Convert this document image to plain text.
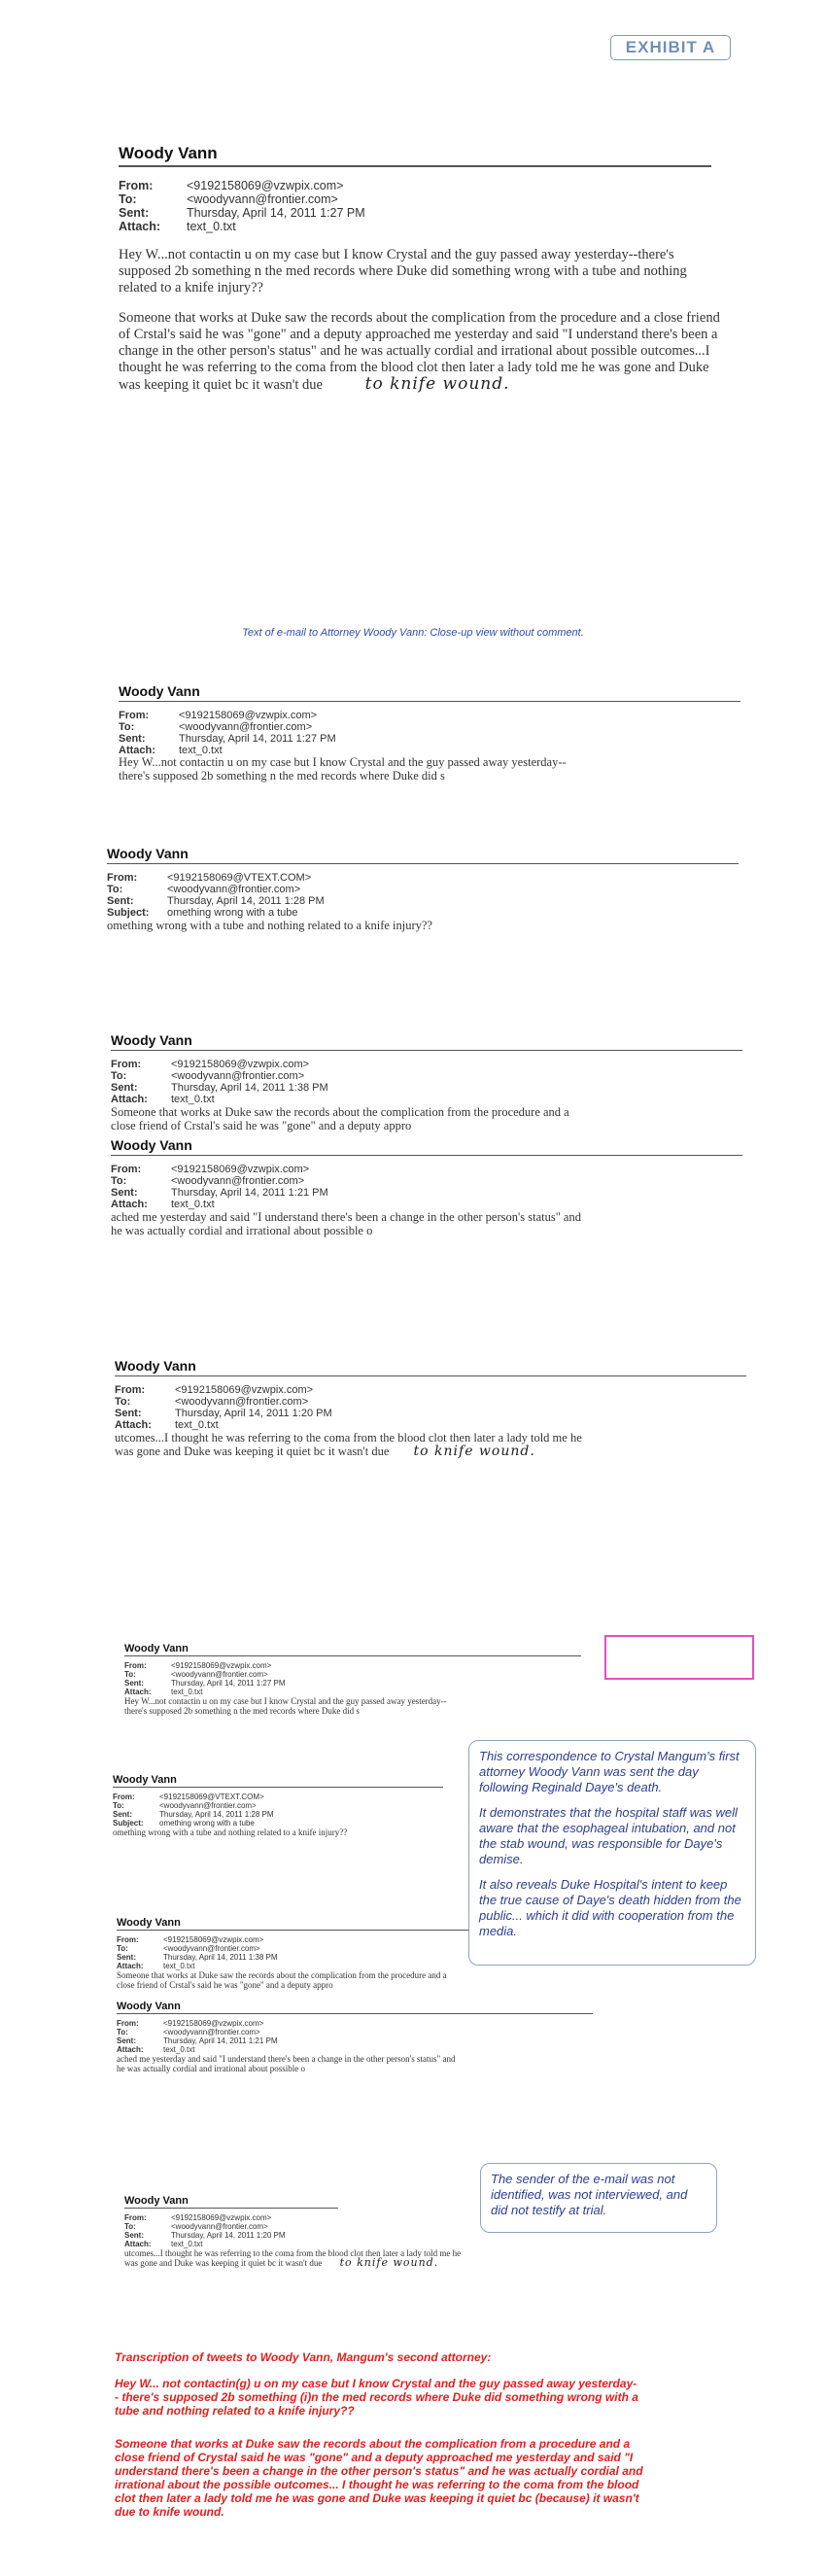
EXHIBIT A
Woody Vann
From:	<9192158069@vzwpix.com>
To:	<woodyvann@frontier.com>
Sent:	Thursday, April 14, 2011 1:27 PM
Attach:	text_0.txt

Hey W...not contactin u on my case but I know Crystal and the guy passed away yesterday--there's supposed 2b something n the med records where Duke did something wrong with a tube and nothing related to a knife injury??

Someone that works at Duke saw the records about the complication from the procedure and a close friend of Crstal's said he was "gone" and a deputy approached me yesterday and said "I understand there's been a change in the other person's status" and he was actually cordial and irrational about possible outcomes...I thought he was referring to the coma from the blood clot then later a lady told me he was gone and Duke was keeping it quiet bc it wasn't due	to knife wound.

Text of e-mail to Attorney Woody Vann: Close-up view without comment.
Woody Vann
From:	<9192158069@vzwpix.com>
To:	<woodyvann@frontier.com>
Sent:	Thursday, April 14, 2011 1:27 PM
Attach:	text_0.txt
Hey W...not contactin u on my case but I know Crystal and the guy passed away yesterday--
there's supposed 2b something n the med records where Duke did s
Woody Vann
From:	<9192158069@VTEXT.COM>
To:	<woodyvann@frontier.com>
Sent:	Thursday, April 14, 2011 1:28 PM
Subject:	omething wrong with a tube
omething wrong with a tube and nothing related to a knife injury??
Woody Vann
From:	<9192158069@vzwpix.com>
To:	<woodyvann@frontier.com>
Sent:	Thursday, April 14, 2011 1:38 PM
Attach:	text_0.txt
Someone that works at Duke saw the records about the complication from the procedure and a
close friend of Crstal's said he was "gone" and a deputy appro
Woody Vann
From:	<9192158069@vzwpix.com>
To:	<woodyvann@frontier.com>
Sent:	Thursday, April 14, 2011 1:21 PM
Attach:	text_0.txt
ached me yesterday and said "I understand there's been a change in the other person's status" and
he was actually cordial and irrational about possible o
Woody Vann
From:	<9192158069@vzwpix.com>
To:	<woodyvann@frontier.com>
Sent:	Thursday, April 14, 2011 1:20 PM
Attach:	text_0.txt
utcomes...I thought he was referring to the coma from the blood clot then later a lady told me he
was gone and Duke was keeping it quiet bc it wasn't due to knife wound.
Woody Vann
From:	<9192158069@vzwpix.com>
To:	<woodyvann@frontier.com>
Sent:	Thursday, April 14, 2011 1:27 PM
Attach:	text_0.txt
Hey W...not contactin u on my case but I know Crystal and the guy passed away yesterday--
there's supposed 2b something n the med records where Duke did s
Woody Vann
From:	<9192158069@VTEXT.COM>
To:	<woodyvann@frontier.com>
Sent:	Thursday, April 14, 2011 1:28 PM
Subject:	omething wrong with a tube
omething wrong with a tube and nothing related to a knife injury??
Woody Vann
From:	<9192158069@vzwpix.com>
To:	<woodyvann@frontier.com>
Sent:	Thursday, April 14, 2011 1:38 PM
Attach:	text_0.txt
Someone that works at Duke saw the records about the complication from the procedure and a
close friend of Crstal's said he was "gone" and a deputy appro
Woody Vann
From:	<9192158069@vzwpix.com>
To:	<woodyvann@frontier.com>
Sent:	Thursday, April 14, 2011 1:21 PM
Attach:	text_0.txt
ached me yesterday and said "I understand there's been a change in the other person's status" and
he was actually cordial and irrational about possible o
Woody Vann
From:	<9192158069@vzwpix.com>
To:	<woodyvann@frontier.com>
Sent:	Thursday, April 14, 2011 1:20 PM
Attach:	text_0.txt
utcomes...I thought he was referring to the coma from the blood clot then later a lady told me he
was gone and Duke was keeping it quiet bc it wasn't due to knife wound.

This correspondence to Crystal Mangum's first attorney Woody Vann was sent the day following Reginald Daye's death.

It demonstrates that the hospital staff was well aware that the esophageal intubation, and not the stab wound, was responsible for Daye's demise.

It also reveals Duke Hospital's intent to keep the true cause of Daye's death hidden from the public... which it did with cooperation from the media.

The sender of the e-mail was not identified, was not interviewed, and did not testify at trial.

Transcription of tweets to Woody Vann, Mangum's second attorney:
Hey W... not contactin(g) u on my case but I know Crystal and the guy passed away yesterday-- there's supposed 2b something (i)n the med records where Duke did something wrong with a tube and nothing related to a knife injury??
Someone that works at Duke saw the records about the complication from a procedure and a close friend of Crystal said he was "gone" and a deputy approached me yesterday and said "I understand there's been a change in the other person's status" and he was actually cordial and irrational about the possible outcomes... I thought he was referring to the coma from the blood clot then later a lady told me he was gone and Duke was keeping it quiet bc (because) it wasn't due to knife wound.
